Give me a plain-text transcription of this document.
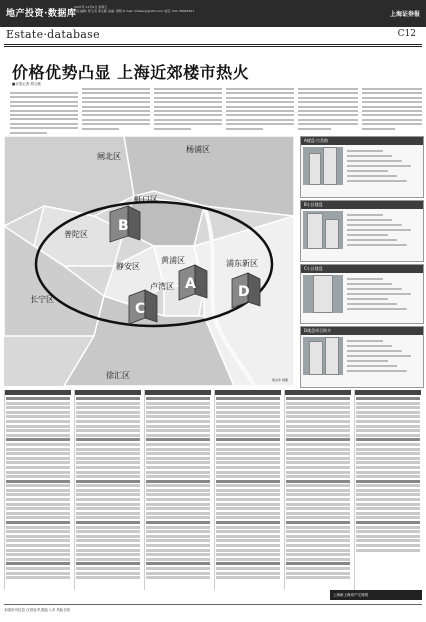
地产投资·数据库
2007年 11月9日 星期五
责任编辑: 陈玉凤 胡文献 美编: 胡明 E-mail: hnfwang@163.com 电话: 021-38967667	上海证券报
Estate·database	C12
价格优势凸显 上海近郊楼市热火
■本报记者 胡文献
闸北区
杨浦区
虹口区
普陀区
静安区
黄浦区
卢湾区
浦东新区
长宁区
徐汇区
B
A
C
D
胡文华 制图
A楼盘·古美路
B小区楼盘
C小区楼盘
D楼盘项目简介
上海新上海房产交易网
本版所刊信息 仅供参考,据此入市 风险自担
